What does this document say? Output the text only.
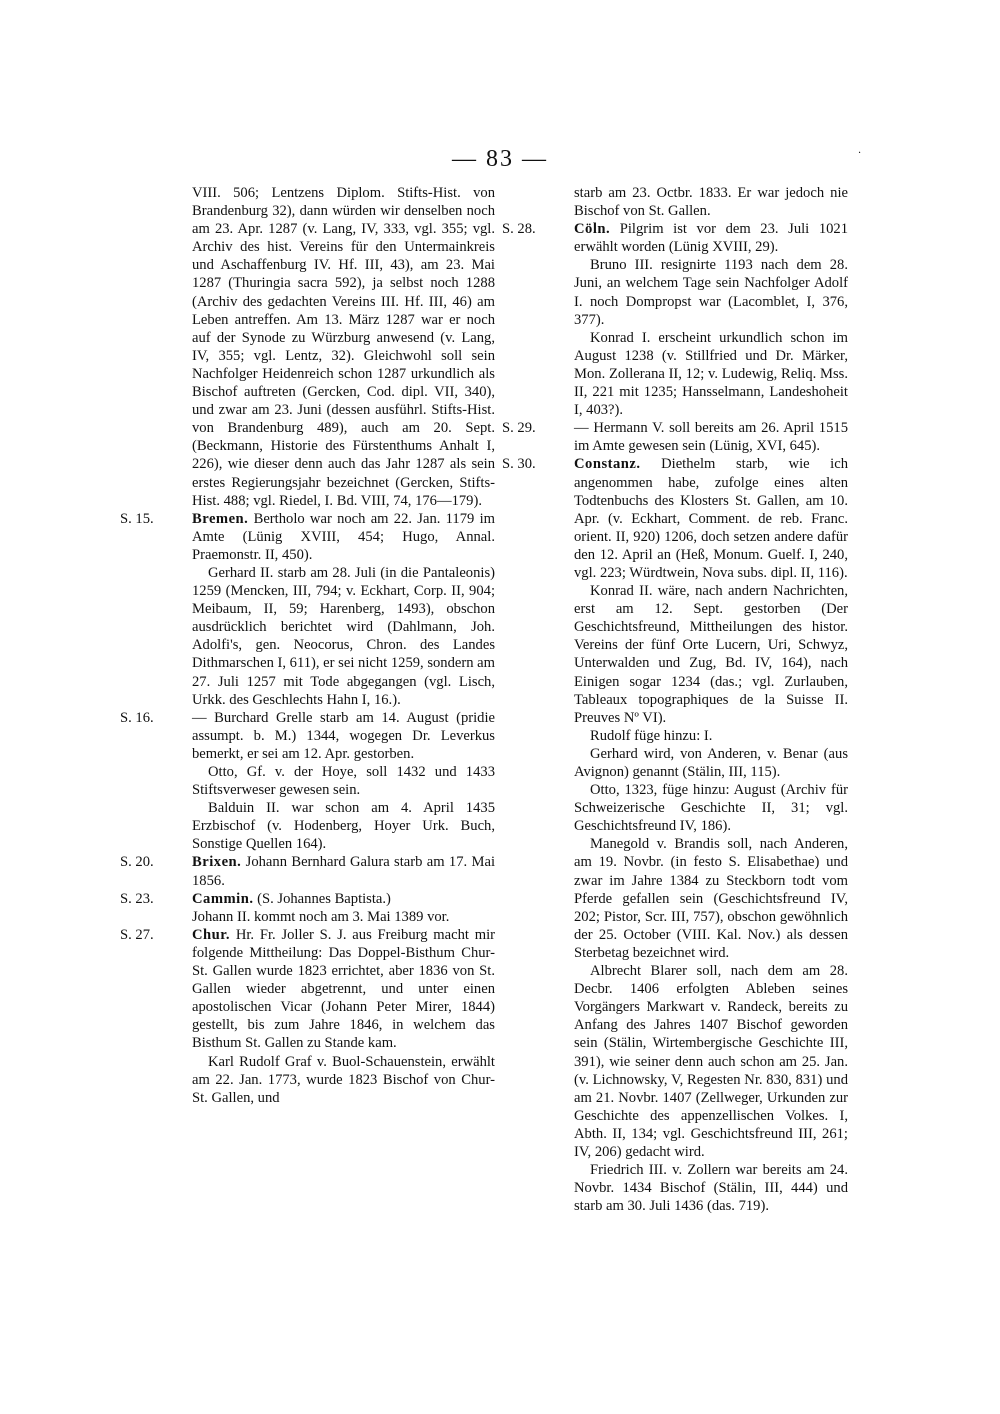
— 83 —	·

VIII. 506; Lentzens Diplom. Stifts-Hist. von Brandenburg 32), dann würden wir denselben noch am 23. Apr. 1287 (v. Lang, IV, 333, vgl. 355; vgl. Archiv des hist. Vereins für den Untermainkreis und Aschaffenburg IV. Hf. III, 43), am 23. Mai 1287 (Thuringia sacra 592), ja selbst noch 1288 (Archiv des gedachten Vereins III. Hf. III, 46) am Leben antreffen. Am 13. März 1287 war er noch auf der Synode zu Würzburg anwesend (v. Lang, IV, 355; vgl. Lentz, 32). Gleichwohl soll sein Nachfolger Heidenreich schon 1287 urkundlich als Bischof auftreten (Gercken, Cod. dipl. VII, 340), und zwar am 23. Juni (dessen ausführl. Stifts-Hist. von Brandenburg 489), auch am 20. Sept. (Beckmann, Historie des Fürstenthums Anhalt I, 226), wie dieser denn auch das Jahr 1287 als sein erstes Regierungsjahr bezeichnet (Gercken, Stifts-Hist. 488; vgl. Riedel, I. Bd. VIII, 74, 176—179).

S. 15.	Bremen. Bertholo war noch am 22. Jan. 1179 im Amte (Lünig XVIII, 454; Hugo, Annal. Praemonstr. II, 450).

Gerhard II. starb am 28. Juli (in die Pantaleonis) 1259 (Mencken, III, 794; v. Eckhart, Corp. II, 904; Meibaum, II, 59; Harenberg, 1493), obschon ausdrücklich berichtet wird (Dahlmann, Joh. Adolfi's, gen. Neocorus, Chron. des Landes Dithmarschen I, 611), er sei nicht 1259, sondern am 27. Juli 1257 mit Tode abgegangen (vgl. Lisch, Urkk. des Geschlechts Hahn I, 16.).

S. 16.	— Burchard Grelle starb am 14. August (pridie assumpt. b. M.) 1344, wogegen Dr. Leverkus bemerkt, er sei am 12. Apr. gestorben.

Otto, Gf. v. der Hoye, soll 1432 und 1433 Stiftsverweser gewesen sein.

Balduin II. war schon am 4. April 1435 Erzbischof (v. Hodenberg, Hoyer Urk. Buch, Sonstige Quellen 164).

S. 20.	Brixen. Johann Bernhard Galura starb am 17. Mai 1856.

S. 23.	Cammin. (S. Johannes Baptista.)

Johann II. kommt noch am 3. Mai 1389 vor.

S. 27.	Chur. Hr. Fr. Joller S. J. aus Freiburg macht mir folgende Mittheilung: Das Doppel-Bisthum Chur-St. Gallen wurde 1823 errichtet, aber 1836 von St. Gallen wieder abgetrennt, und unter einen apostolischen Vicar (Johann Peter Mirer, 1844) gestellt, bis zum Jahre 1846, in welchem das Bisthum St. Gallen zu Stande kam.

Karl Rudolf Graf v. Buol-Schauenstein, erwählt am 22. Jan. 1773, wurde 1823 Bischof von Chur-St. Gallen, und

starb am 23. Octbr. 1833. Er war jedoch nie Bischof von St. Gallen.

S. 28.	Cöln. Pilgrim ist vor dem 23. Juli 1021 erwählt worden (Lünig XVIII, 29).

Bruno III. resignirte 1193 nach dem 28. Juni, an welchem Tage sein Nachfolger Adolf I. noch Dompropst war (Lacomblet, I, 376, 377).

Konrad I. erscheint urkundlich schon im August 1238 (v. Stillfried und Dr. Märker, Mon. Zollerana II, 12; v. Ludewig, Reliq. Mss. II, 221 mit 1235; Hansselmann, Landeshoheit I, 403?).

S. 29.	— Hermann V. soll bereits am 26. April 1515 im Amte gewesen sein (Lünig, XVI, 645).

S. 30.	Constanz. Diethelm starb, wie ich angenommen habe, zufolge eines alten Todtenbuchs des Klosters St. Gallen, am 10. Apr. (v. Eckhart, Comment. de reb. Franc. orient. II, 920) 1206, doch setzen andere dafür den 12. April an (Heß, Monum. Guelf. I, 240, vgl. 223; Würdtwein, Nova subs. dipl. II, 116).

Konrad II. wäre, nach andern Nachrichten, erst am 12. Sept. gestorben (Der Geschichtsfreund, Mittheilungen des histor. Vereins der fünf Orte Lucern, Uri, Schwyz, Unterwalden und Zug, Bd. IV, 164), nach Einigen sogar 1234 (das.; vgl. Zurlauben, Tableaux topographiques de la Suisse II. Preuves Nº VI).

Rudolf füge hinzu: I.

Gerhard wird, von Anderen, v. Benar (aus Avignon) genannt (Stälin, III, 115).

Otto, 1323, füge hinzu: August (Archiv für Schweizerische Geschichte II, 31; vgl. Geschichtsfreund IV, 186).

Manegold v. Brandis soll, nach Anderen, am 19. Novbr. (in festo S. Elisabethae) und zwar im Jahre 1384 zu Steckborn todt vom Pferde gefallen sein (Geschichtsfreund IV, 202; Pistor, Scr. III, 757), obschon gewöhnlich der 25. October (VIII. Kal. Nov.) als dessen Sterbetag bezeichnet wird.

Albrecht Blarer soll, nach dem am 28. Decbr. 1406 erfolgten Ableben seines Vorgängers Markwart v. Randeck, bereits zu Anfang des Jahres 1407 Bischof geworden sein (Stälin, Wirtembergische Geschichte III, 391), wie seiner denn auch schon am 25. Jan. (v. Lichnowsky, V, Regesten Nr. 830, 831) und am 21. Novbr. 1407 (Zellweger, Urkunden zur Geschichte des appenzellischen Volkes. I, Abth. II, 134; vgl. Geschichtsfreund III, 261; IV, 206) gedacht wird.

Friedrich III. v. Zollern war bereits am 24. Novbr. 1434 Bischof (Stälin, III, 444) und starb am 30. Juli 1436 (das. 719).
